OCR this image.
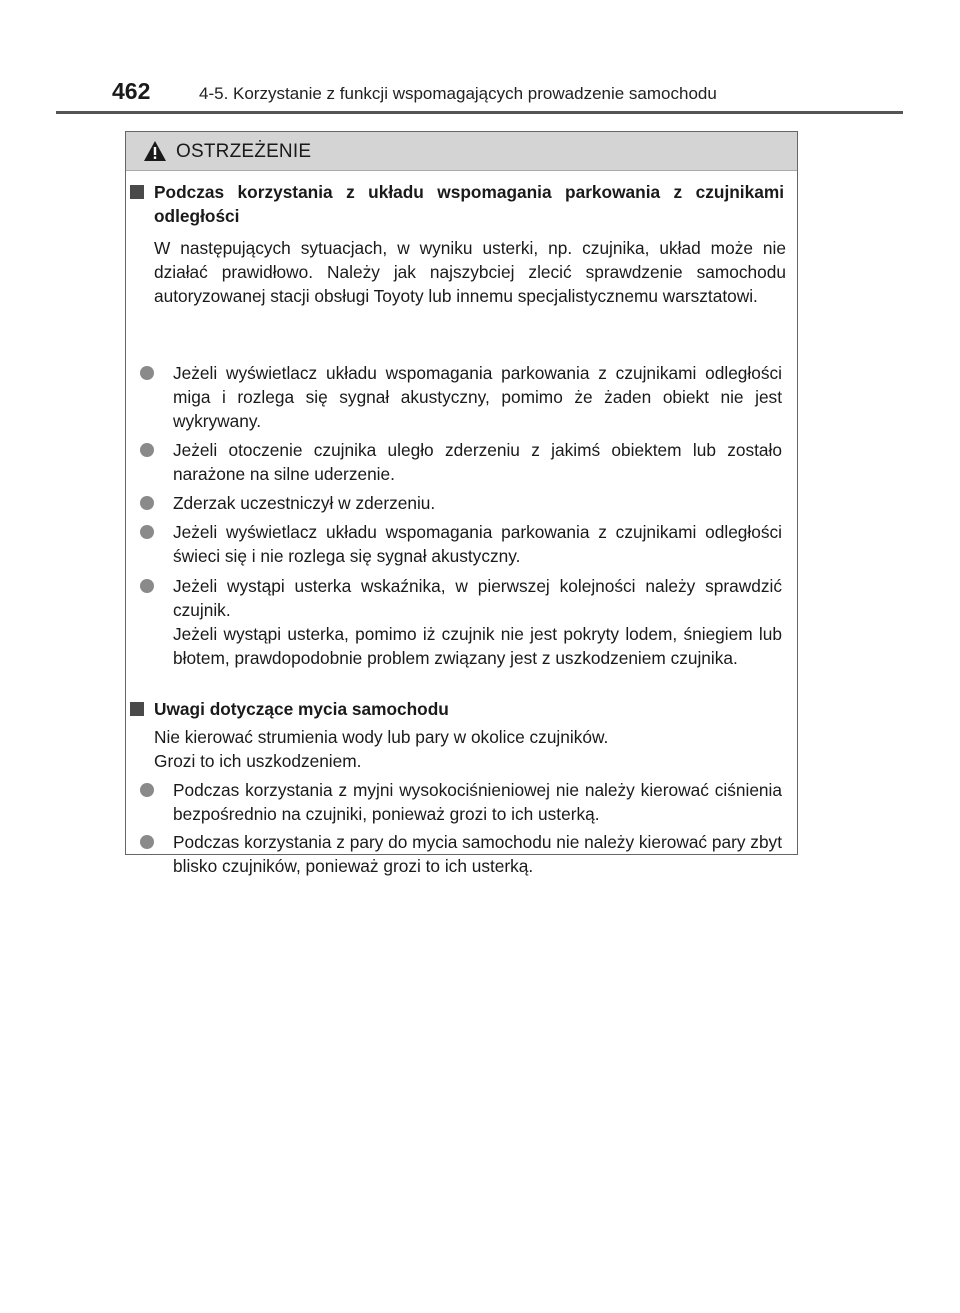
462	4-5. Korzystanie z funkcji wspomagających prowadzenie samochodu
OSTRZEŻENIE
Podczas korzystania z układu wspomagania parkowania z czujnikami odległości
W następujących sytuacjach, w wyniku usterki, np. czujnika, układ może nie działać prawidłowo. Należy jak najszybciej zlecić sprawdzenie samochodu autoryzowanej stacji obsługi Toyoty lub innemu specjalistycznemu warsztatowi.
Jeżeli wyświetlacz układu wspomagania parkowania z czujnikami odległości miga i rozlega się sygnał akustyczny, pomimo że żaden obiekt nie jest wykrywany.
Jeżeli otoczenie czujnika uległo zderzeniu z jakimś obiektem lub zostało narażone na silne uderzenie.
Zderzak uczestniczył w zderzeniu.
Jeżeli wyświetlacz układu wspomagania parkowania z czujnikami odległości świeci się i nie rozlega się sygnał akustyczny.
Jeżeli wystąpi usterka wskaźnika, w pierwszej kolejności należy sprawdzić czujnik.
Jeżeli wystąpi usterka, pomimo iż czujnik nie jest pokryty lodem, śniegiem lub błotem, prawdopodobnie problem związany jest z uszkodzeniem czujnika.
Uwagi dotyczące mycia samochodu
Nie kierować strumienia wody lub pary w okolice czujników.
Grozi to ich uszkodzeniem.
Podczas korzystania z myjni wysokociśnieniowej nie należy kierować ciśnienia bezpośrednio na czujniki, ponieważ grozi to ich usterką.
Podczas korzystania z pary do mycia samochodu nie należy kierować pary zbyt blisko czujników, ponieważ grozi to ich usterką.
